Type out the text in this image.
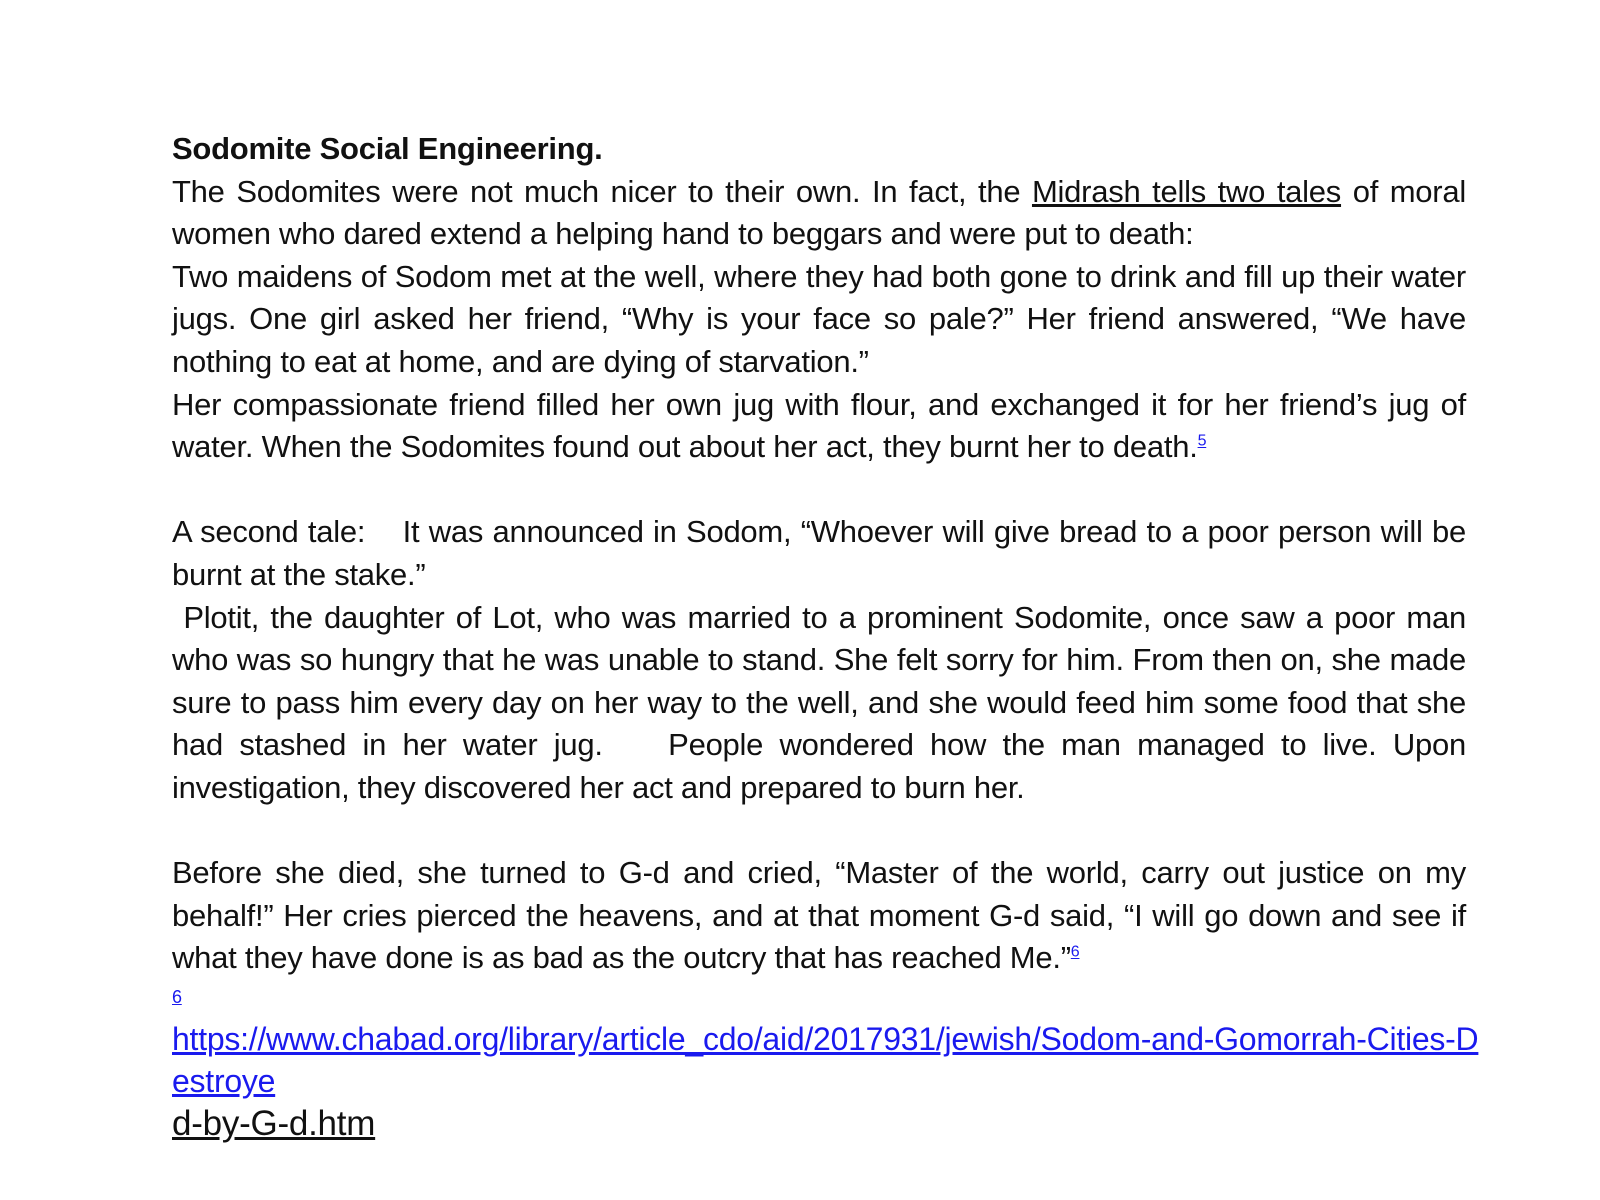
Sodomite Social Engineering.

The Sodomites were not much nicer to their own. In fact, the Midrash tells two tales of moral women who dared extend a helping hand to beggars and were put to death:

Two maidens of Sodom met at the well, where they had both gone to drink and fill up their water jugs. One girl asked her friend, “Why is your face so pale?” Her friend answered, “We have nothing to eat at home, and are dying of starvation.”

Her compassionate friend filled her own jug with flour, and exchanged it for her friend’s jug of water. When the Sodomites found out about her act, they burnt her to death.$^5$

A second tale:    It was announced in Sodom, “Whoever will give bread to a poor person will be burnt at the stake.”

Plotit, the daughter of Lot, who was married to a prominent Sodomite, once saw a poor man who was so hungry that he was unable to stand. She felt sorry for him. From then on, she made sure to pass him every day on her way to the well, and she would feed him some food that she had stashed in her water jug.    People wondered how the man managed to live. Upon investigation, they discovered her act and prepared to burn her.

Before she died, she turned to G-d and cried, “Master of the world, carry out justice on my behalf!” Her cries pierced the heavens, and at that moment G-d said, “I will go down and see if what they have done is as bad as the outcry that has reached Me.”$^6$

6
https://www.chabad.org/library/article_cdo/aid/2017931/jewish/Sodom-and-Gomorrah-Cities-Destroye
d-by-G-d.htm
